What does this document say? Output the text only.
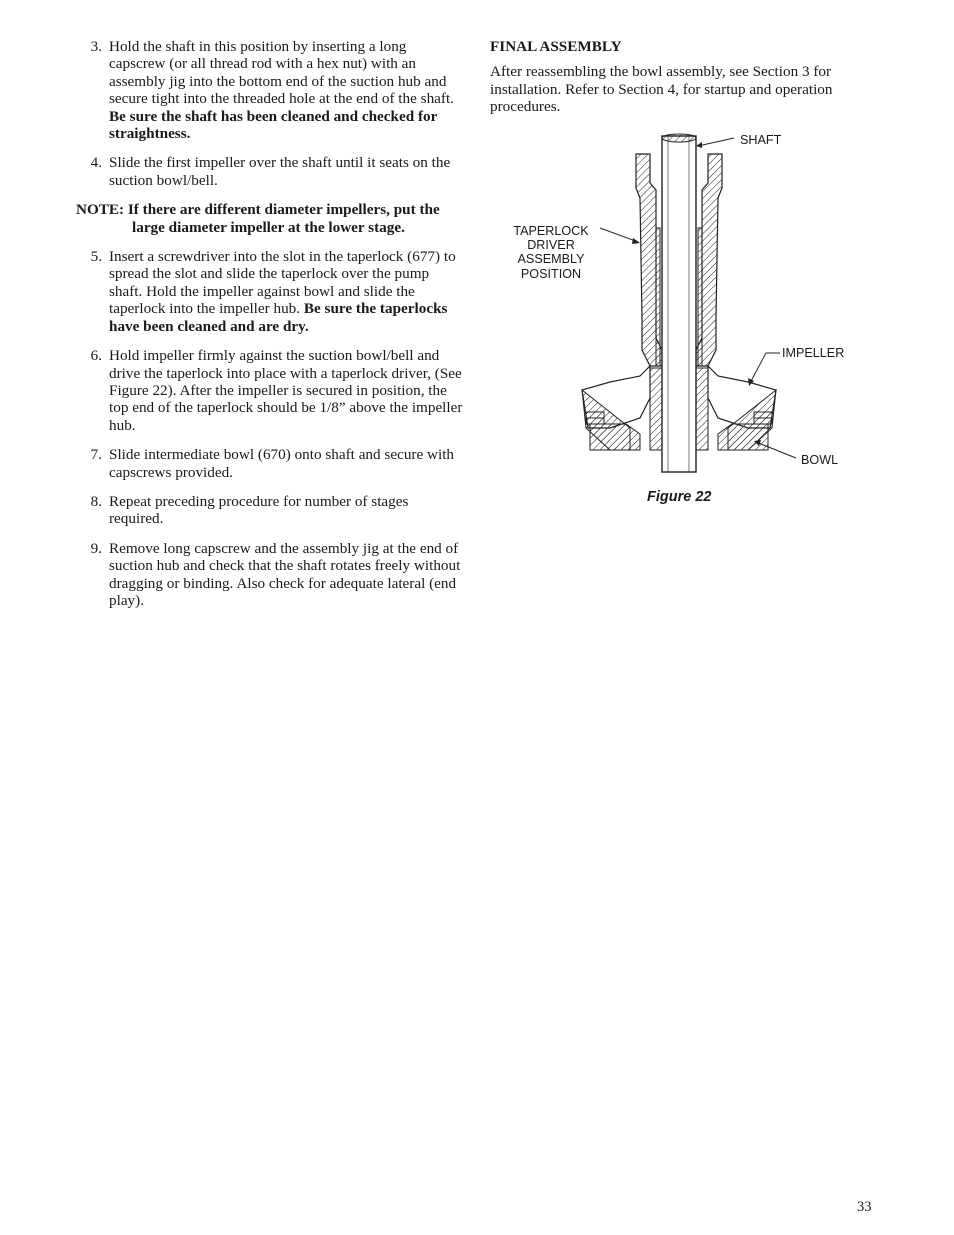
3. Hold the shaft in this position by inserting a long capscrew (or all thread rod with a hex nut) with an assembly jig into the bottom end of the suction hub and secure tight into the threaded hole at the end of the shaft. Be sure the shaft has been cleaned and checked for straightness.
4. Slide the first impeller over the shaft until it seats on the suction bowl/bell.
NOTE: If there are different diameter impellers, put the large diameter impeller at the lower stage.
5. Insert a screwdriver into the slot in the taperlock (677) to spread the slot and slide the taperlock over the pump shaft. Hold the impeller against bowl and slide the taperlock into the impeller hub. Be sure the taperlocks have been cleaned and are dry.
6. Hold impeller firmly against the suction bowl/bell and drive the taperlock into place with a taperlock driver, (See Figure 22). After the impeller is secured in position, the top end of the taperlock should be 1/8” above the impeller hub.
7. Slide intermediate bowl (670) onto shaft and secure with capscrews provided.
8. Repeat preceding procedure for number of stages required.
9. Remove long capscrew and the assembly jig at the end of suction hub and check that the shaft rotates freely without dragging or binding. Also check for adequate lateral (end play).
FINAL ASSEMBLY
After reassembling the bowl assembly, see Section 3 for installation. Refer to Section 4, for startup and operation procedures.
SHAFT
TAPERLOCK
DRIVER
ASSEMBLY
POSITION
IMPELLER
BOWL
Figure 22
33
